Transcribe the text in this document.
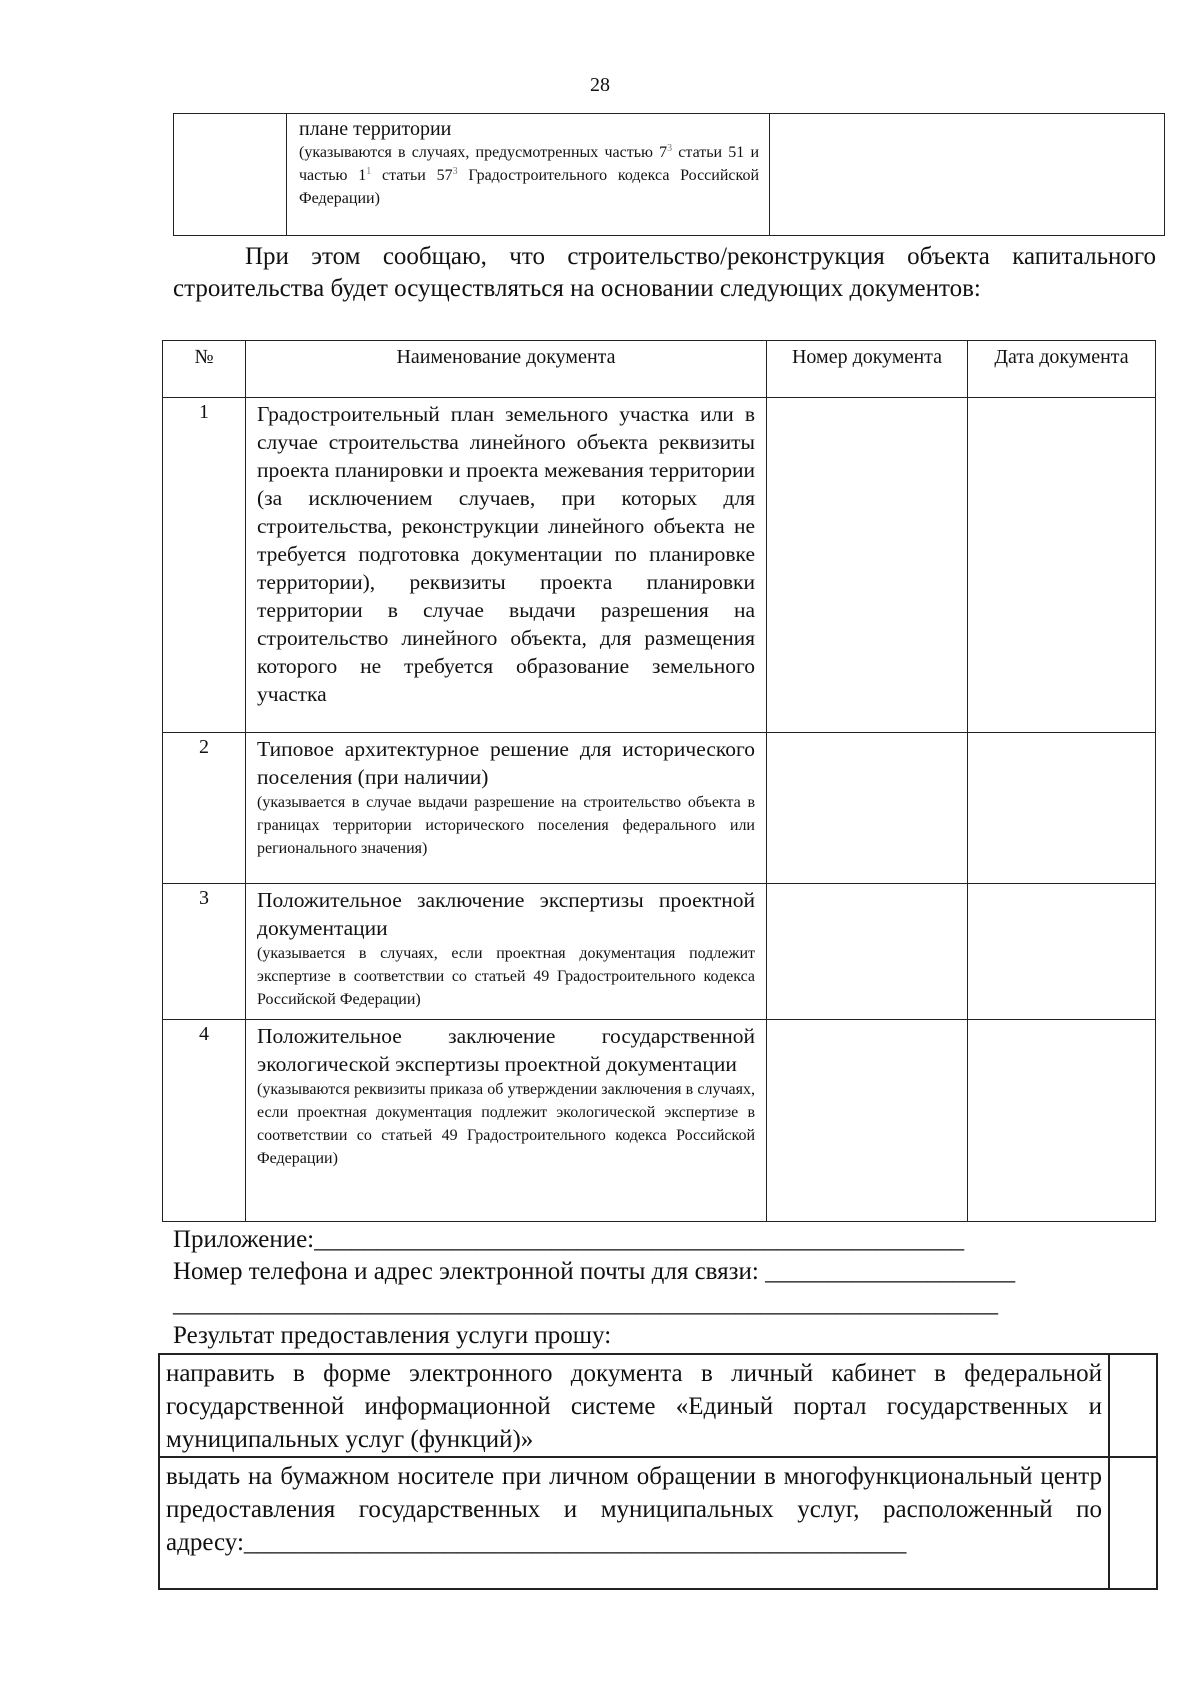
28

плане территории
(указываются в случаях, предусмотренных частью $7^3$ статьи 51 и частью $1^1$ статьи $57^3$ Градостроительного кодекса Российской Федерации)

При этом сообщаю, что строительство/реконструкция объекта капитального строительства будет осуществляться на основании следующих документов:
№	Наименование документа	Номер документа	Дата документа
1	Градостроительный план земельного участка или в случае строительства линейного объекта реквизиты проекта планировки и проекта межевания территории (за исключением случаев, при которых для строительства, реконструкции линейного объекта не требуется подготовка документации по планировке территории), реквизиты проекта планировки территории в случае выдачи разрешения на строительство линейного объекта, для размещения которого не требуется образование земельного участка		

2	Типовое архитектурное решение для исторического поселения (при наличии)
(указывается в случае выдачи разрешение на строительство объекта в границах территории исторического поселения федерального или регионального значения)		

3	Положительное заключение экспертизы проектной документации
(указывается в случаях, если проектная документация подлежит экспертизе в соответствии со статьей 49 Градостроительного кодекса Российской Федерации)		

4	Положительное заключение государственной экологической экспертизы проектной документации
(указываются реквизиты приказа об утверждении заключения в случаях, если проектная документация подлежит экологической экспертизе в соответствии со статьей 49 Градостроительного кодекса Российской Федерации)		

Приложение:____________________________________________________
Номер телефона и адрес электронной почты для связи: ____________________
__________________________________________________________________
Результат предоставления услуги прошу:
направить в форме электронного документа в личный кабинет в федеральной государственной информационной системе «Единый портал государственных и муниципальных услуг (функций)»	

выдать на бумажном носителе при личном обращении в многофункциональный центр предоставления государственных и муниципальных услуг, расположенный по
адресу:_____________________________________________________	
